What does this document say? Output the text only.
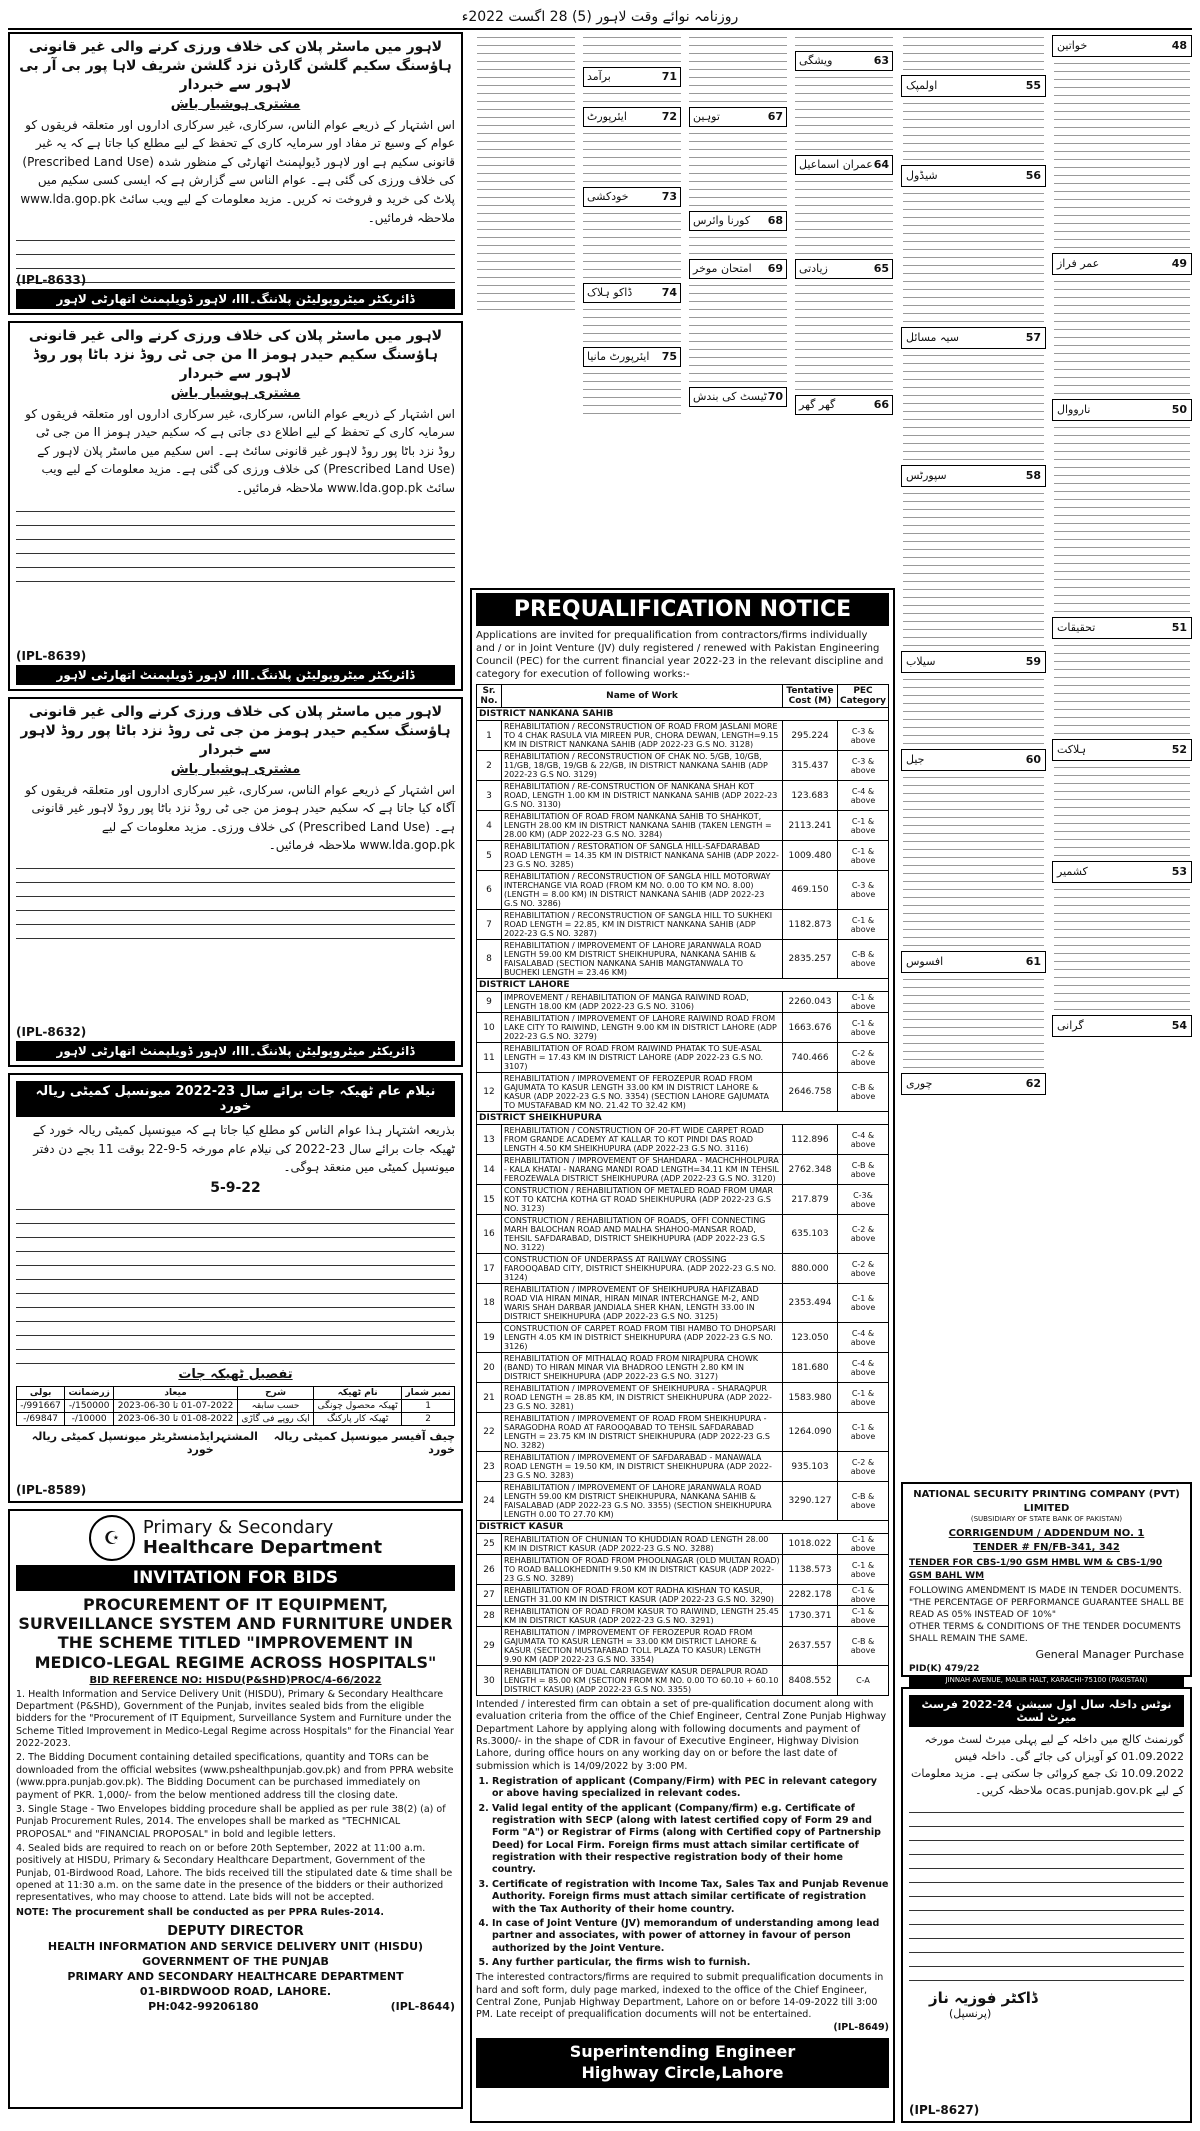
روزنامہ نوائے وقت لاہور (5) 28 اگست 2022ء
لاہور میں ماسٹر پلان کی خلاف ورزی کرنے والی غیر قانونی ہاؤسنگ سکیم گلشن گارڈن نزد گلشن شریف لاہا پور بی آر بی لاہور سے خبردار
مشتری ہوشیار باش
اس اشتہار کے ذریعے عوام الناس، سرکاری، غیر سرکاری اداروں اور متعلقہ فریقوں کو عوام کے وسیع تر مفاد اور سرمایہ کاری کے تحفظ کے لیے مطلع کیا جاتا ہے کہ یہ غیر قانونی سکیم ہے اور لاہور ڈیولپمنٹ اتھارٹی کے منظور شدہ (Prescribed Land Use) کی خلاف ورزی کی گئی ہے۔ عوام الناس سے گزارش ہے کہ ایسی کسی سکیم میں پلاٹ کی خرید و فروخت نہ کریں۔ مزید معلومات کے لیے ویب سائٹ www.lda.gop.pk ملاحظہ فرمائیں۔
(IPL-8633)
ڈائریکٹر میٹروپولیٹن پلاننگ۔III، لاہور ڈویلپمنٹ اتھارٹی لاہور
لاہور میں ماسٹر پلان کی خلاف ورزی کرنے والی غیر قانونی ہاؤسنگ سکیم حیدر ہومز II من جی ٹی روڈ نزد باٹا پور روڈ لاہور سے خبردار
مشتری ہوشیار باش
اس اشتہار کے ذریعے عوام الناس، سرکاری، غیر سرکاری اداروں اور متعلقہ فریقوں کو سرمایہ کاری کے تحفظ کے لیے اطلاع دی جاتی ہے کہ سکیم حیدر ہومز II من جی ٹی روڈ نزد باٹا پور روڈ لاہور غیر قانونی سائٹ ہے۔ اس سکیم میں ماسٹر پلان لاہور کے (Prescribed Land Use) کی خلاف ورزی کی گئی ہے۔ مزید معلومات کے لیے ویب سائٹ www.lda.gop.pk ملاحظہ فرمائیں۔
(IPL-8639)
ڈائریکٹر میٹروپولیٹن پلاننگ۔III، لاہور ڈویلپمنٹ اتھارٹی لاہور
لاہور میں ماسٹر پلان کی خلاف ورزی کرنے والی غیر قانونی ہاؤسنگ سکیم حیدر ہومز من جی ٹی روڈ نزد باٹا پور روڈ لاہور سے خبردار
مشتری ہوشیار باش
اس اشتہار کے ذریعے عوام الناس، سرکاری، غیر سرکاری اداروں اور متعلقہ فریقوں کو آگاہ کیا جاتا ہے کہ سکیم حیدر ہومز من جی ٹی روڈ نزد باٹا پور روڈ لاہور غیر قانونی ہے۔ (Prescribed Land Use) کی خلاف ورزی۔ مزید معلومات کے لیے www.lda.gop.pk ملاحظہ فرمائیں۔
(IPL-8632)
ڈائریکٹر میٹروپولیٹن پلاننگ۔III، لاہور ڈویلپمنٹ اتھارٹی لاہور
نیلام عام ٹھیکہ جات برائے سال 23-2022 میونسپل کمیٹی ریالہ خورد
بذریعہ اشتہار ہذا عوام الناس کو مطلع کیا جاتا ہے کہ میونسپل کمیٹی ریالہ خورد کے ٹھیکہ جات برائے سال 23-2022 کی نیلام عام مورخہ 5-9-22 بوقت 11 بجے دن دفتر میونسپل کمیٹی میں منعقد ہوگی۔
5-9-22
تفصیل ٹھیکہ جات
نمبر شمار	نام ٹھیکہ	شرح	میعاد	زرضمانت	بولی
1	ٹھیکہ محصول چونگی	حسب سابقہ	01-07-2022 تا 30-06-2023	150000/-	991667/-
2	ٹھیکہ کار پارکنگ	ایک روپے فی گاڑی	01-08-2022 تا 30-06-2023	10000/-	69847/-
چیف آفیسر میونسپل کمیٹی ریالہ خورد
المشتہر
ایڈمنسٹریٹر میونسپل کمیٹی ریالہ خورد
(IPL-8589)
☪	Primary & Secondary
Healthcare Department
INVITATION FOR BIDS
PROCUREMENT OF IT EQUIPMENT, SURVEILLANCE SYSTEM AND FURNITURE UNDER THE SCHEME TITLED "IMPROVEMENT IN MEDICO-LEGAL REGIME ACROSS HOSPITALS"
BID REFERENCE NO: HISDU(P&SHD)PROC/4-66/2022

1. Health Information and Service Delivery Unit (HISDU), Primary & Secondary Healthcare Department (P&SHD), Government of the Punjab, invites sealed bids from the eligible bidders for the "Procurement of IT Equipment, Surveillance System and Furniture under the Scheme Titled Improvement in Medico-Legal Regime across Hospitals" for the Financial Year 2022-2023.

2. The Bidding Document containing detailed specifications, quantity and TORs can be downloaded from the official websites (www.pshealthpunjab.gov.pk) and from PPRA website (www.ppra.punjab.gov.pk). The Bidding Document can be purchased immediately on payment of PKR. 1,000/- from the below mentioned address till the closing date.

3. Single Stage - Two Envelopes bidding procedure shall be applied as per rule 38(2) (a) of Punjab Procurement Rules, 2014. The envelopes shall be marked as "TECHNICAL PROPOSAL" and "FINANCIAL PROPOSAL" in bold and legible letters.

4. Sealed bids are required to reach on or before 20th September, 2022 at 11:00 a.m. positively at HISDU, Primary & Secondary Healthcare Department, Government of the Punjab, 01-Birdwood Road, Lahore. The bids received till the stipulated date & time shall be opened at 11:30 a.m. on the same date in the presence of the bidders or their authorized representatives, who may choose to attend. Late bids will not be accepted.

NOTE: The procurement shall be conducted as per PPRA Rules-2014.

DEPUTY DIRECTOR
HEALTH INFORMATION AND SERVICE DELIVERY UNIT (HISDU)
GOVERNMENT OF THE PUNJAB
PRIMARY AND SECONDARY HEALTHCARE DEPARTMENT
01-BIRDWOOD ROAD, LAHORE.
PH:042-99206180	(IPL-8644)
63
ویشگی
64
عمران اسماعیل
65
زیادتی
66
گھر گھر
67
توہین
68
کورنا وائرس
69
امتحان موخر
70
ٹیسٹ کی بندش
71
برآمد
72
ایئرپورٹ
73
خودکشی
74
ڈاکو ہلاک
75
ایئرپورٹ مانیا
PREQUALIFICATION NOTICE
Applications are invited for prequalification from contractors/firms individually and / or in Joint Venture (JV) duly registered / renewed with Pakistan Engineering Council (PEC) for the current financial year 2022-23 in the relevant discipline and category for execution of following works:-
Sr. No.	Name of Work	Tentative Cost (M)	PEC Category
DISTRICT NANKANA SAHIB			
1	REHABILITATION / RECONSTRUCTION OF ROAD FROM JASLANI MORE TO 4 CHAK RASULA VIA MIREEN PUR, CHORA DEWAN, LENGTH=9.15 KM IN DISTRICT NANKANA SAHIB (ADP 2022-23 G.S NO. 3128)	295.224	C-3 & above
2	REHABILITATION / RECONSTRUCTION OF CHAK NO. 5/GB, 10/GB, 11/GB, 18/GB, 19/GB & 22/GB, IN DISTRICT NANKANA SAHIB (ADP 2022-23 G.S NO. 3129)	315.437	C-3 & above
3	REHABILITATION / RE-CONSTRUCTION OF NANKANA SHAH KOT ROAD, LENGTH 1.00 KM IN DISTRICT NANKANA SAHIB (ADP 2022-23 G.S NO. 3130)	123.683	C-4 & above
4	REHABILITATION OF ROAD FROM NANKANA SAHIB TO SHAHKOT, LENGTH 28.00 KM IN DISTRICT NANKANA SAHIB (TAKEN LENGTH = 28.00 KM) (ADP 2022-23 G.S NO. 3284)	2113.241	C-1 & above
5	REHABILITATION / RESTORATION OF SANGLA HILL-SAFDARABAD ROAD LENGTH = 14.35 KM IN DISTRICT NANKANA SAHIB (ADP 2022-23 G.S NO. 3285)	1009.480	C-1 & above
6	REHABILITATION / RECONSTRUCTION OF SANGLA HILL MOTORWAY INTERCHANGE VIA ROAD (FROM KM NO. 0.00 TO KM NO. 8.00) (LENGTH = 8.00 KM) IN DISTRICT NANKANA SAHIB (ADP 2022-23 G.S NO. 3286)	469.150	C-3 & above
7	REHABILITATION / RECONSTRUCTION OF SANGLA HILL TO SUKHEKI ROAD LENGTH = 22.85, KM IN DISTRICT NANKANA SAHIB (ADP 2022-23 G.S NO. 3287)	1182.873	C-1 & above
8	REHABILITATION / IMPROVEMENT OF LAHORE JARANWALA ROAD LENGTH 59.00 KM DISTRICT SHEIKHUPURA, NANKANA SAHIB & FAISALABAD (SECTION NANKANA SAHIB MANGTANWALA TO BUCHEKI LENGTH = 23.46 KM)	2835.257	C-B & above
DISTRICT LAHORE			
9	IMPROVEMENT / REHABILITATION OF MANGA RAIWIND ROAD, LENGTH 18.00 KM (ADP 2022-23 G.S NO. 3106)	2260.043	C-1 & above
10	REHABILITATION / IMPROVEMENT OF LAHORE RAIWIND ROAD FROM LAKE CITY TO RAIWIND, LENGTH 9.00 KM IN DISTRICT LAHORE (ADP 2022-23 G.S NO. 3279)	1663.676	C-1 & above
11	REHABILITATION OF ROAD FROM RAIWIND PHATAK TO SUE-ASAL LENGTH = 17.43 KM IN DISTRICT LAHORE (ADP 2022-23 G.S NO. 3107)	740.466	C-2 & above
12	REHABILITATION / IMPROVEMENT OF FEROZEPUR ROAD FROM GAJUMATA TO KASUR LENGTH 33.00 KM IN DISTRICT LAHORE & KASUR (ADP 2022-23 G.S NO. 3354) (SECTION LAHORE GAJUMATA TO MUSTAFABAD KM NO. 21.42 TO 32.42 KM)	2646.758	C-B & above
DISTRICT SHEIKHUPURA			
13	REHABILITATION / CONSTRUCTION OF 20-FT WIDE CARPET ROAD FROM GRANDE ACADEMY AT KALLAR TO KOT PINDI DAS ROAD LENGTH 4.50 KM SHEIKHUPURA (ADP 2022-23 G.S NO. 3116)	112.896	C-4 & above
14	REHABILITATION / IMPROVEMENT OF SHAHDARA - MACHCHHOLPURA - KALA KHATAI - NARANG MANDI ROAD LENGTH=34.11 KM IN TEHSIL FEROZEWALA DISTRICT SHEIKHUPURA (ADP 2022-23 G.S NO. 3120)	2762.348	C-B & above
15	CONSTRUCTION / REHABILITATION OF METALED ROAD FROM UMAR KOT TO KATCHA KOTHA GT ROAD SHEIKHUPURA (ADP 2022-23 G.S NO. 3123)	217.879	C-3& above
16	CONSTRUCTION / REHABILITATION OF ROADS, OFFI CONNECTING MARH BALOCHAN ROAD AND MALHA SHAHOO-MANSAR ROAD, TEHSIL SAFDARABAD, DISTRICT SHEIKHUPURA (ADP 2022-23 G.S NO. 3122)	635.103	C-2 & above
17	CONSTRUCTION OF UNDERPASS AT RAILWAY CROSSING FAROOQABAD CITY, DISTRICT SHEIKHUPURA. (ADP 2022-23 G.S NO. 3124)	880.000	C-2 & above
18	REHABILITATION / IMPROVEMENT OF SHEIKHUPURA HAFIZABAD ROAD VIA HIRAN MINAR, HIRAN MINAR INTERCHANGE M-2, AND WARIS SHAH DARBAR JANDIALA SHER KHAN, LENGTH 33.00 IN DISTRICT SHEIKHUPURA (ADP 2022-23 G.S NO. 3125)	2353.494	C-1 & above
19	CONSTRUCTION OF CARPET ROAD FROM TIBI HAMBO TO DHOPSARI LENGTH 4.05 KM IN DISTRICT SHEIKHUPURA (ADP 2022-23 G.S NO. 3126)	123.050	C-4 & above
20	REHABILITATION OF MITHALAQ ROAD FROM NIRAJPURA CHOWK (BAND) TO HIRAN MINAR VIA BHADROO LENGTH 2.80 KM IN DISTRICT SHEIKHUPURA (ADP 2022-23 G.S NO. 3127)	181.680	C-4 & above
21	REHABILITATION / IMPROVEMENT OF SHEIKHUPURA - SHARAQPUR ROAD LENGTH = 28.85 KM, IN DISTRICT SHEIKHUPURA (ADP 2022-23 G.S NO. 3281)	1583.980	C-1 & above
22	REHABILITATION / IMPROVEMENT OF ROAD FROM SHEIKHUPURA - SARAGODHA ROAD AT FAROOQABAD TO TEHSIL SAFDARABAD LENGTH = 23.75 KM IN DISTRICT SHEIKHUPURA (ADP 2022-23 G.S NO. 3282)	1264.090	C-1 & above
23	REHABILITATION / IMPROVEMENT OF SAFDARABAD - MANAWALA ROAD LENGTH = 19.50 KM, IN DISTRICT SHEIKHUPURA (ADP 2022-23 G.S NO. 3283)	935.103	C-2 & above
24	REHABILITATION / IMPROVEMENT OF LAHORE JARANWALA ROAD LENGTH 59.00 KM DISTRICT SHEIKHUPURA, NANKANA SAHIB & FAISALABAD (ADP 2022-23 G.S NO. 3355) (SECTION SHEIKHUPURA LENGTH 0.00 TO 27.70 KM)	3290.127	C-B & above
DISTRICT KASUR			
25	REHABILITATION OF CHUNIAN TO KHUDDIAN ROAD LENGTH 28.00 KM IN DISTRICT KASUR (ADP 2022-23 G.S NO. 3288)	1018.022	C-1 & above
26	REHABILITATION OF ROAD FROM PHOOLNAGAR (OLD MULTAN ROAD) TO ROAD BALLOKHEDNITH 9.50 KM IN DISTRICT KASUR (ADP 2022-23 G.S NO. 3289)	1138.573	C-1 & above
27	REHABILITATION OF ROAD FROM KOT RADHA KISHAN TO KASUR, LENGTH 31.00 KM IN DISTRICT KASUR (ADP 2022-23 G.S NO. 3290)	2282.178	C-1 & above
28	REHABILITATION OF ROAD FROM KASUR TO RAIWIND, LENGTH 25.45 KM IN DISTRICT KASUR (ADP 2022-23 G.S NO. 3291)	1730.371	C-1 & above
29	REHABILITATION / IMPROVEMENT OF FEROZEPUR ROAD FROM GAJUMATA TO KASUR LENGTH = 33.00 KM DISTRICT LAHORE & KASUR (SECTION MUSTAFABAD TOLL PLAZA TO KASUR) LENGTH 9.90 KM (ADP 2022-23 G.S NO. 3354)	2637.557	C-B & above
30	REHABILITATION OF DUAL CARRIAGEWAY KASUR DEPALPUR ROAD LENGTH = 85.00 KM (SECTION FROM KM NO. 0.00 TO 60.10 + 60.10 DISTRICT KASUR) (ADP 2022-23 G.S NO. 3355)	8408.552	C-A
Intended / interested firm can obtain a set of pre-qualification document along with evaluation criteria from the office of the Chief Engineer, Central Zone Punjab Highway Department Lahore by applying along with following documents and payment of Rs.3000/- in the shape of CDR in favour of Executive Engineer, Highway Division Lahore, during office hours on any working day on or before the last date of submission which is 14/09/2022 by 3:00 PM.
1. Registration of applicant (Company/Firm) with PEC in relevant category or above having specialized in relevant codes.
2. Valid legal entity of the applicant (Company/firm) e.g. Certificate of registration with SECP (along with latest certified copy of Form 29 and Form "A") or Registrar of Firms (along with Certified copy of Partnership Deed) for Local Firm. Foreign firms must attach similar certificate of registration with their respective registration body of their home country.
3. Certificate of registration with Income Tax, Sales Tax and Punjab Revenue Authority. Foreign firms must attach similar certificate of registration with the Tax Authority of their home country.
4. In case of Joint Venture (JV) memorandum of understanding among lead partner and associates, with power of attorney in favour of person authorized by the Joint Venture.
5. Any further particular, the firms wish to furnish.
The interested contractors/firms are required to submit prequalification documents in hard and soft form, duly page marked, indexed to the office of the Chief Engineer, Central Zone, Punjab Highway Department, Lahore on or before 14-09-2022 till 3:00 PM. Late receipt of prequalification documents will not be entertained.
(IPL-8649)
Superintending Engineer
Highway Circle,Lahore
48
خواتین
49
عمر فراز
50
نارووال
51
تحقیقات
52
ہلاکت
53
کشمیر
54
گرانی
55
اولمپک
56
شیڈول
57
سیہ مسائل
58
سپورٹس
59
سیلاب
60
جیل
61
افسوس
62
چوری
NATIONAL SECURITY PRINTING COMPANY (PVT) LIMITED
(SUBSIDIARY OF STATE BANK OF PAKISTAN)
CORRIGENDUM / ADDENDUM NO. 1
TENDER # FN/FB-341, 342
TENDER FOR CBS-1/90 GSM HMBL WM & CBS-1/90 GSM BAHL WM
FOLLOWING AMENDMENT IS MADE IN TENDER DOCUMENTS.
"THE PERCENTAGE OF PERFORMANCE GUARANTEE SHALL BE READ AS 05% INSTEAD OF 10%"
OTHER TERMS & CONDITIONS OF THE TENDER DOCUMENTS SHALL REMAIN THE SAME.
General Manager Purchase
PID(K) 479/22
JINNAH AVENUE, MALIR HALT, KARACHI-75100 (PAKISTAN)
نوٹس داخلہ سال اول سیشن 24-2022 فرسٹ میرٹ لسٹ
گورنمنٹ کالج میں داخلہ کے لیے پہلی میرٹ لسٹ مورخہ 01.09.2022 کو آویزاں کی جائے گی۔ داخلہ فیس 10.09.2022 تک جمع کروائی جا سکتی ہے۔ مزید معلومات کے لیے ocas.punjab.gov.pk ملاحظہ کریں۔
ڈاکٹر فوزیہ ناز
(پرنسپل)
(IPL-8627)
